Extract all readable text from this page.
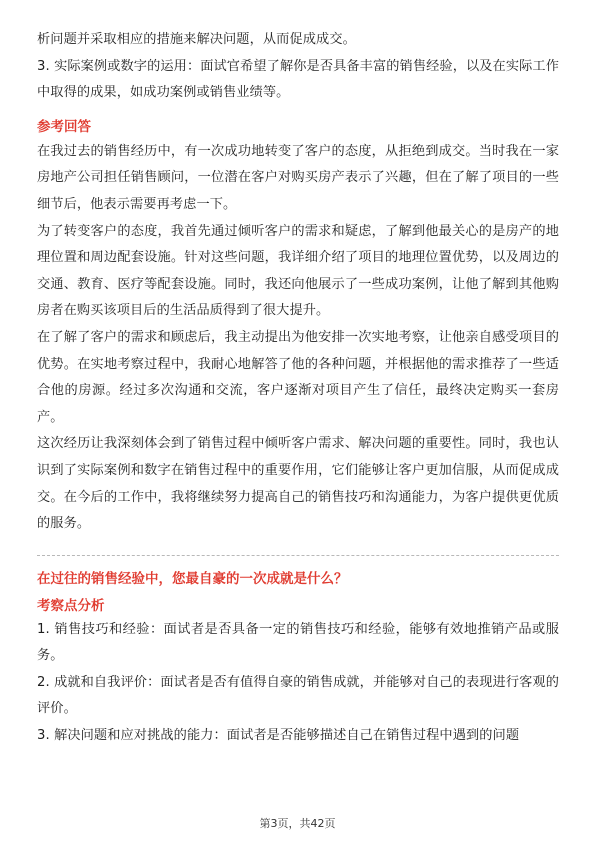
析问题并采取相应的措施来解决问题，从而促成成交。

3. 实际案例或数字的运用：面试官希望了解你是否具备丰富的销售经验，以及在实际工作中取得的成果，如成功案例或销售业绩等。

参考回答

在我过去的销售经历中，有一次成功地转变了客户的态度，从拒绝到成交。当时我在一家房地产公司担任销售顾问，一位潜在客户对购买房产表示了兴趣，但在了解了项目的一些细节后，他表示需要再考虑一下。

为了转变客户的态度，我首先通过倾听客户的需求和疑虑，了解到他最关心的是房产的地理位置和周边配套设施。针对这些问题，我详细介绍了项目的地理位置优势，以及周边的交通、教育、医疗等配套设施。同时，我还向他展示了一些成功案例，让他了解到其他购房者在购买该项目后的生活品质得到了很大提升。

在了解了客户的需求和顾虑后，我主动提出为他安排一次实地考察，让他亲自感受项目的优势。在实地考察过程中，我耐心地解答了他的各种问题，并根据他的需求推荐了一些适合他的房源。经过多次沟通和交流，客户逐渐对项目产生了信任，最终决定购买一套房产。

这次经历让我深刻体会到了销售过程中倾听客户需求、解决问题的重要性。同时，我也认识到了实际案例和数字在销售过程中的重要作用，它们能够让客户更加信服，从而促成成交。在今后的工作中，我将继续努力提高自己的销售技巧和沟通能力，为客户提供更优质的服务。

在过往的销售经验中，您最自豪的一次成就是什么？
考察点分析

1. 销售技巧和经验：面试者是否具备一定的销售技巧和经验，能够有效地推销产品或服务。

2. 成就和自我评价：面试者是否有值得自豪的销售成就，并能够对自己的表现进行客观的评价。

3. 解决问题和应对挑战的能力：面试者是否能够描述自己在销售过程中遇到的问题

第3页，共42页
